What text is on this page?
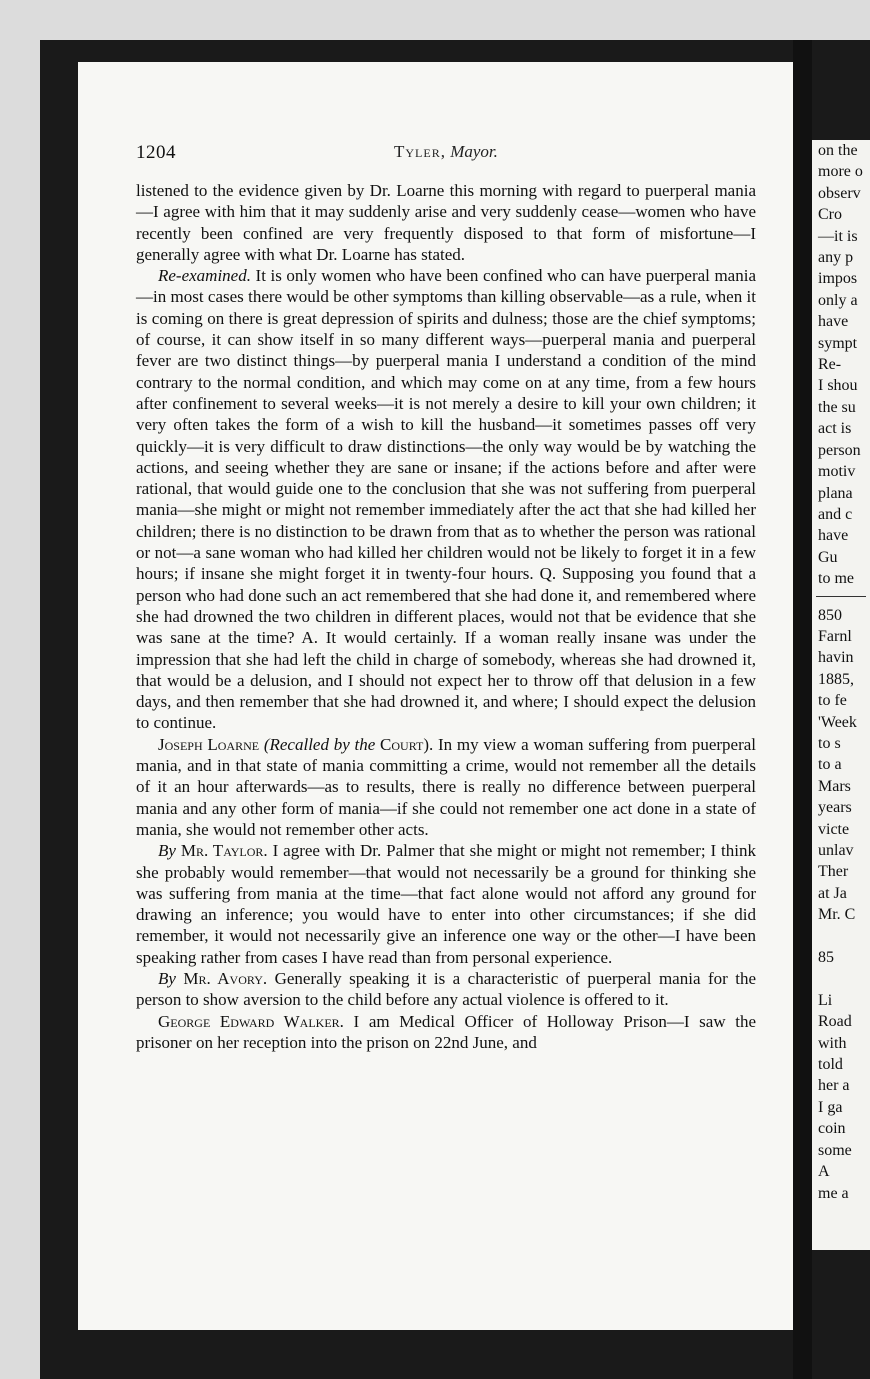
1204	Tyler, Mayor.

listened to the evidence given by Dr. Loarne this morning with regard to puerperal mania—I agree with him that it may suddenly arise and very suddenly cease—women who have recently been confined are very frequently disposed to that form of misfortune—I generally agree with what Dr. Loarne has stated.

Re-examined. It is only women who have been confined who can have puerperal mania—in most cases there would be other symptoms than killing observable—as a rule, when it is coming on there is great depression of spirits and dulness; those are the chief symptoms; of course, it can show itself in so many different ways—puerperal mania and puerperal fever are two distinct things—by puerperal mania I understand a condition of the mind contrary to the normal condition, and which may come on at any time, from a few hours after confinement to several weeks—it is not merely a desire to kill your own children; it very often takes the form of a wish to kill the husband—it sometimes passes off very quickly—it is very difficult to draw distinctions—the only way would be by watching the actions, and seeing whether they are sane or insane; if the actions before and after were rational, that would guide one to the conclusion that she was not suffering from puerperal mania—she might or might not remember immediately after the act that she had killed her children; there is no distinction to be drawn from that as to whether the person was rational or not—a sane woman who had killed her children would not be likely to forget it in a few hours; if insane she might forget it in twenty-four hours. Q. Supposing you found that a person who had done such an act remembered that she had done it, and remembered where she had drowned the two children in different places, would not that be evidence that she was sane at the time? A. It would certainly. If a woman really insane was under the impression that she had left the child in charge of somebody, whereas she had drowned it, that would be a delusion, and I should not expect her to throw off that delusion in a few days, and then remember that she had drowned it, and where; I should expect the delusion to continue.

Joseph Loarne (Recalled by the Court). In my view a woman suffering from puerperal mania, and in that state of mania committing a crime, would not remember all the details of it an hour afterwards—as to results, there is really no difference between puerperal mania and any other form of mania—if she could not remember one act done in a state of mania, she would not remember other acts.

By Mr. Taylor. I agree with Dr. Palmer that she might or might not remember; I think she probably would remember—that would not necessarily be a ground for thinking she was suffering from mania at the time—that fact alone would not afford any ground for drawing an inference; you would have to enter into other circumstances; if she did remember, it would not necessarily give an inference one way or the other—I have been speaking rather from cases I have read than from personal experience.

By Mr. Avory. Generally speaking it is a characteristic of puerperal mania for the person to show aversion to the child before any actual violence is offered to it.

George Edward Walker. I am Medical Officer of Holloway Prison—I saw the prisoner on her reception into the prison on 22nd June, and

on the
more o
observ
Cro
—it is
any p
impos
only a
have
sympt
Re-
I shou
the su
act is
person
motiv
plana
and c
have
Gu
to me
850
Farnl
havin
1885,
to fe
'Week
to s
to a
Mars
years
victe
unlav
Ther
at Ja
Mr. C

85

Li
Road
with
told
her a
I ga
coin
some
A
me a
